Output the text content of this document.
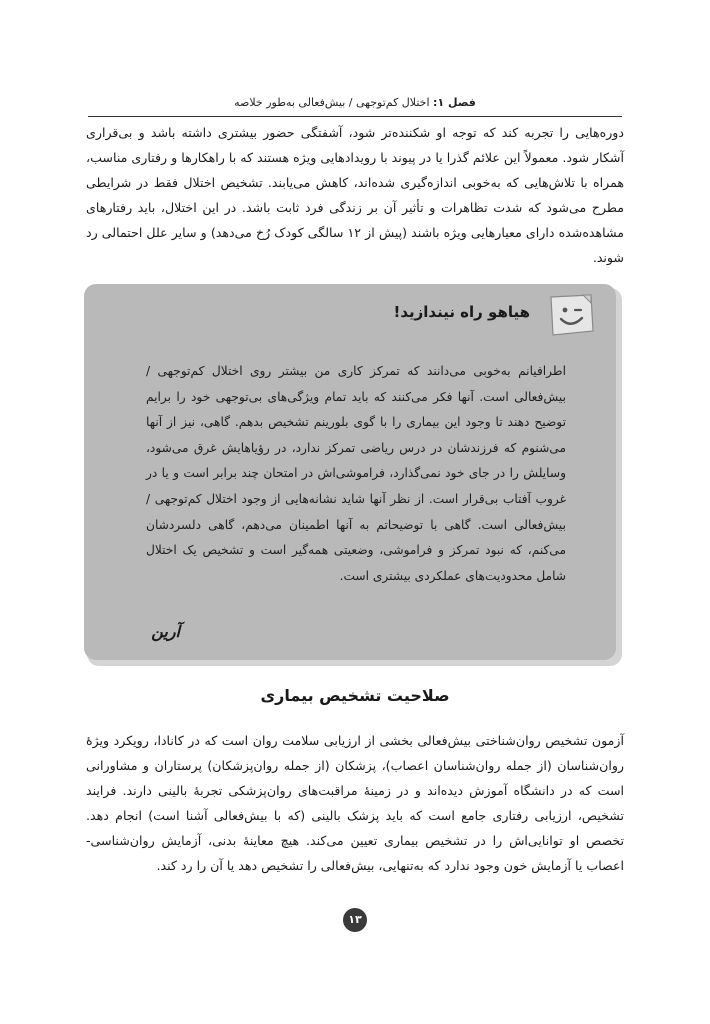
فصل ۱: اختلال کم‌توجهی / بیش‌فعالی به‌طور خلاصه
دوره‌هایی را تجربه کند که توجه او شکننده‌تر شود، آشفتگی حضور بیشتری داشته باشد و بی‌قراری آشکار شود. معمولاً این علائم گذرا یا در پیوند با رویدادهایی ویژه هستند که با راهکارها و رفتاری مناسب، همراه با تلاش‌هایی که به‌خوبی اندازه‌گیری شده‌اند، کاهش می‌یابند. تشخیص اختلال فقط در شرایطی مطرح می‌شود که شدت تظاهرات و تأثیر آن بر زندگی فرد ثابت باشد. در این اختلال، باید رفتارهای مشاهده‌شده دارای معیارهایی ویژه باشند (پیش از ۱۲ سالگی کودک رُخ می‌دهد) و سایر علل احتمالی رد شوند.
هیاهو راه نیندازید!
اطرافیانم به‌خوبی می‌دانند که تمرکز کاری من بیشتر روی اختلال کم‌توجهی / بیش‌فعالی است. آنها فکر می‌کنند که باید تمام ویژگی‌های بی‌توجهی خود را برایم توضیح دهند تا وجود این بیماری را با گوی بلورینم تشخیص بدهم. گاهی، نیز از آنها می‌شنوم که فرزندشان در درس ریاضی تمرکز ندارد، در رؤیاهایش غرق می‌شود، وسایلش را در جای خود نمی‌گذارد، فراموشی‌اش در امتحان چند برابر است و یا در غروب آفتاب بی‌قرار است. از نظر آنها شاید نشانه‌هایی از وجود اختلال کم‌توجهی / بیش‌فعالی است. گاهی با توضیحاتم به آنها اطمینان می‌دهم، گاهی دلسردشان می‌کنم، که نبود تمرکز و فراموشی، وضعیتی همه‌گیر است و تشخیص یک اختلال شامل محدودیت‌های عملکردی بیشتری است.
آرین
صلاحیت تشخیص بیماری
آزمون تشخیص روان‌شناختی بیش‌فعالی بخشی از ارزیابی سلامت روان است که در کانادا، رویکرد ویژهٔ روان‌شناسان (از جمله روان‌شناسان اعصاب)، پزشکان (از جمله روان‌پزشکان) پرستاران و مشاورانی است که در دانشگاه آموزش دیده‌اند و در زمینهٔ مراقبت‌های روان‌پزشکی تجربهٔ بالینی دارند. فرایند تشخیص، ارزیابی رفتاری جامع است که باید پزشک بالینی (که با بیش‌فعالی آشنا است) انجام دهد. تخصص او توانایی‌اش را در تشخیص بیماری تعیین می‌کند. هیچ معاینهٔ بدنی، آزمایش روان‌شناسی- اعصاب یا آزمایش خون وجود ندارد که به‌تنهایی، بیش‌فعالی را تشخیص دهد یا آن را رد کند.
۱۳
